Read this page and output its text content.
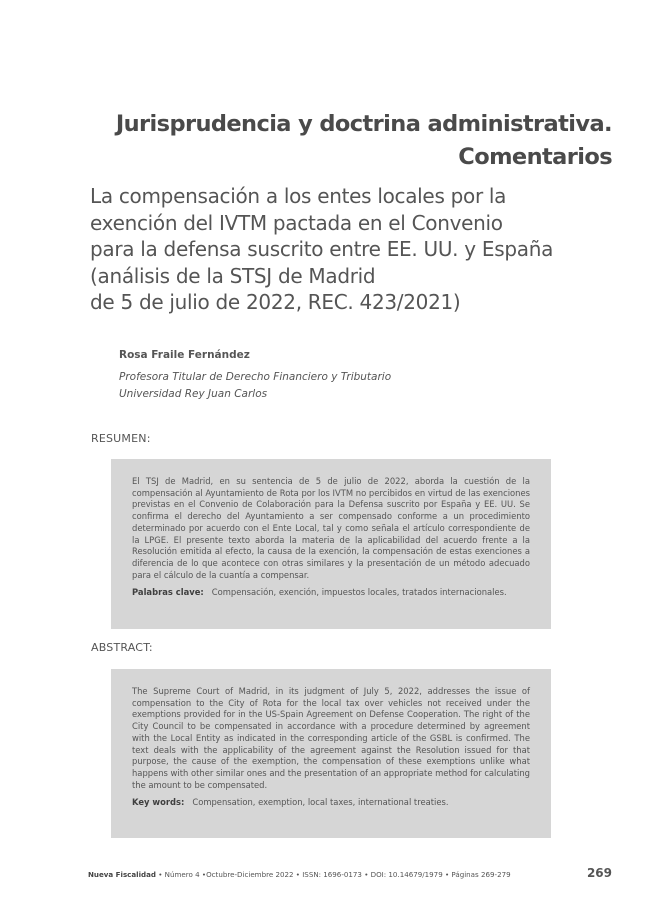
Jurisprudencia y doctrina administrativa.
Comentarios
La compensación a los entes locales por la
exención del IVTM pactada en el Convenio
para la defensa suscrito entre EE. UU. y España
(análisis de la STSJ de Madrid
de 5 de julio de 2022, REC. 423/2021)
Rosa Fraile Fernández
Profesora Titular de Derecho Financiero y Tributario
Universidad Rey Juan Carlos
RESUMEN:

El TSJ de Madrid, en su sentencia de 5 de julio de 2022, aborda la cuestión de la compensación al Ayuntamiento de Rota por los IVTM no percibidos en virtud de las exenciones previstas en el Convenio de Colaboración para la Defensa suscrito por España y EE. UU. Se confirma el derecho del Ayuntamiento a ser compensado conforme a un procedimiento determinado por acuerdo con el Ente Local, tal y como señala el artículo correspondiente de la LPGE. El presente texto aborda la materia de la aplicabilidad del acuerdo frente a la Resolución emitida al efecto, la causa de la exención, la compensación de estas exenciones a diferencia de lo que acontece con otras similares y la presentación de un método adecuado para el cálculo de la cuantía a compensar.

Palabras clave: Compensación, exención, impuestos locales, tratados internacionales.
ABSTRACT:

The Supreme Court of Madrid, in its judgment of July 5, 2022, addresses the issue of compensation to the City of Rota for the local tax over vehicles not received under the exemptions provided for in the US-Spain Agreement on Defense Cooperation. The right of the City Council to be compensated in accordance with a procedure determined by agreement with the Local Entity as indicated in the corresponding article of the GSBL is confirmed. The text deals with the applicability of the agreement against the Resolution issued for that purpose, the cause of the exemption, the compensation of these exemptions unlike what happens with other similar ones and the presentation of an appropriate method for calculating the amount to be compensated.

Key words: Compensation, exemption, local taxes, international treaties.
Nueva Fiscalidad • Número 4 •Octubre-Diciembre 2022 • ISSN: 1696-0173 • DOI: 10.14679/1979 • Páginas 269-279	269
